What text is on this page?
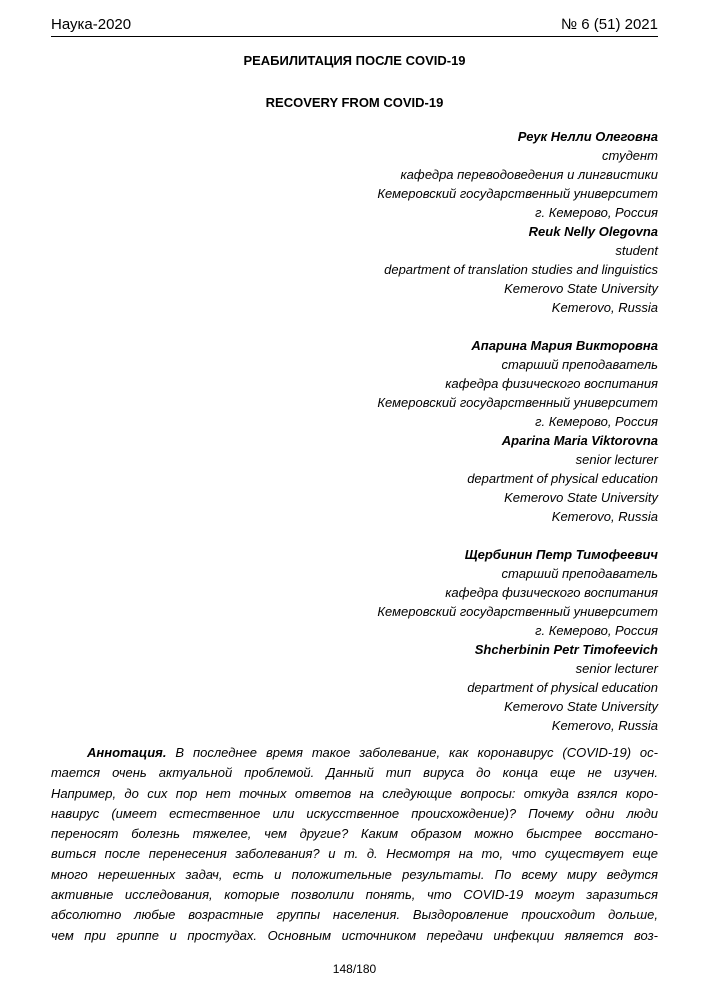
Наука-2020	№ 6 (51) 2021
РЕАБИЛИТАЦИЯ ПОСЛЕ COVID-19
RECOVERY FROM COVID-19
Реук Нелли Олеговна
студент
кафедра переводоведения и лингвистики
Кемеровский государственный университет
г. Кемерово, Россия
Reuk Nelly Olegovna
student
department of translation studies and linguistics
Kemerovo State University
Kemerovo, Russia
Апарина Мария Викторовна
старший преподаватель
кафедра физического воспитания
Кемеровский государственный университет
г. Кемерово, Россия
Aparina Maria Viktorovna
senior lecturer
department of physical education
Kemerovo State University
Kemerovo, Russia
Щербинин Петр Тимофеевич
старший преподаватель
кафедра физического воспитания
Кемеровский государственный университет
г. Кемерово, Россия
Shcherbinin Petr Timofeevich
senior lecturer
department of physical education
Kemerovo State University
Kemerovo, Russia
Аннотация. В последнее время такое заболевание, как коронавирус (COVID-19) ос-
тается очень актуальной проблемой. Данный тип вируса до конца еще не изучен.
Например, до сих пор нет точных ответов на следующие вопросы: откуда взялся коро-
навирус (имеет естественное или искусственное происхождение)? Почему одни люди
переносят болезнь тяжелее, чем другие? Каким образом можно быстрее восстано-
виться после перенесения заболевания? и т. д. Несмотря на то, что существует еще
много нерешенных задач, есть и положительные результаты. По всему миру ведутся
активные исследования, которые позволили понять, что COVID-19 могут заразиться
абсолютно любые возрастные группы населения. Выздоровление происходит дольше,
чем при гриппе и простудах. Основным источником передачи инфекции является воз-
148/180
